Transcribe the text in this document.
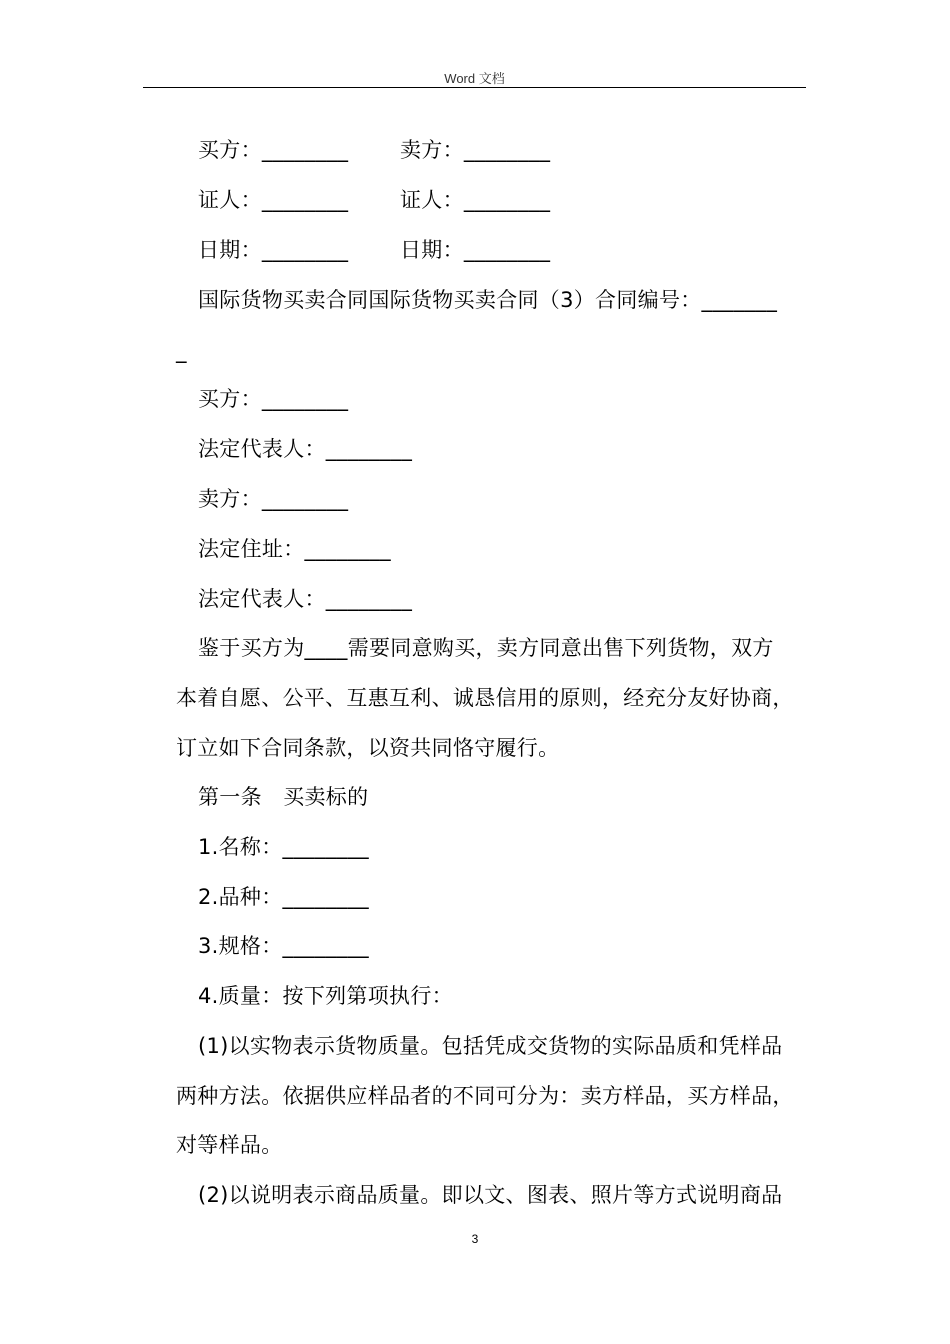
Word 文档
买方：________ 卖方：________
证人：________ 证人：________
日期：________ 日期：________
国际货物买卖合同国际货物买卖合同（3）合同编号：_______
_
买方：________
法定代表人：________
卖方：________
法定住址：________
法定代表人：________
鉴于买方为____需要同意购买，卖方同意出售下列货物，双方
本着自愿、公平、互惠互利、诚恳信用的原则，经充分友好协商，
订立如下合同条款，以资共同恪守履行。
第一条　买卖标的
1.名称：________
2.品种：________
3.规格：________
4.质量：按下列第项执行：
(1)以实物表示货物质量。包括凭成交货物的实际品质和凭样品
两种方法。依据供应样品者的不同可分为：卖方样品，买方样品，
对等样品。
(2)以说明表示商品质量。即以文、图表、照片等方式说明商品
3
